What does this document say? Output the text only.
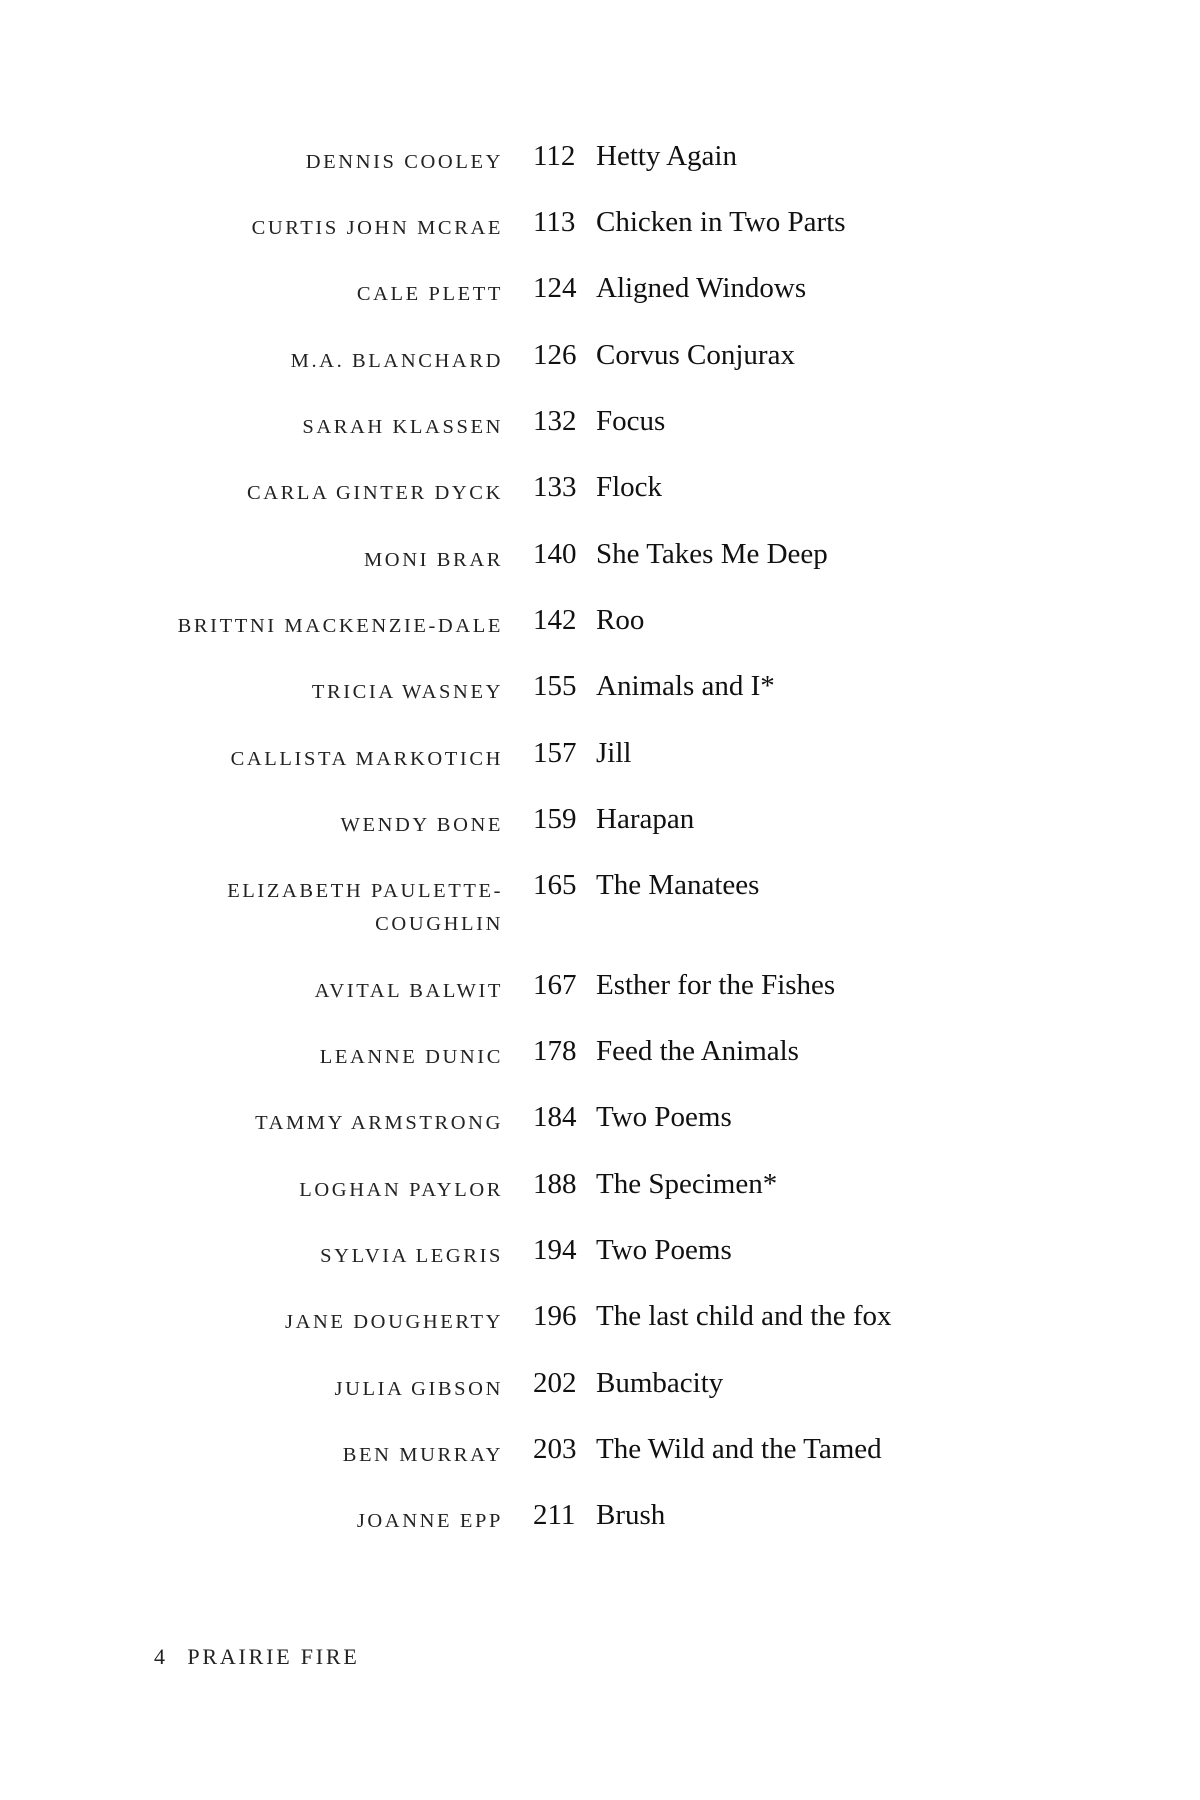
DENNIS COOLEY 112 Hetty Again
CURTIS JOHN MCRAE 113 Chicken in Two Parts
CALE PLETT 124 Aligned Windows
M.A. BLANCHARD 126 Corvus Conjurax
SARAH KLASSEN 132 Focus
CARLA GINTER DYCK 133 Flock
MONI BRAR 140 She Takes Me Deep
BRITTNI MACKENZIE-DALE 142 Roo
TRICIA WASNEY 155 Animals and I*
CALLISTA MARKOTICH 157 Jill
WENDY BONE 159 Harapan
ELIZABETH PAULETTE-COUGHLIN
165 The Manatees
AVITAL BALWIT 167 Esther for the Fishes
LEANNE DUNIC 178 Feed the Animals
TAMMY ARMSTRONG 184 Two Poems
LOGHAN PAYLOR 188 The Specimen*
SYLVIA LEGRIS 194 Two Poems
JANE DOUGHERTY 196 The last child and the fox
JULIA GIBSON 202 Bumbacity
BEN MURRAY 203 The Wild and the Tamed
JOANNE EPP 211 Brush
4 PRAIRIE FIRE
